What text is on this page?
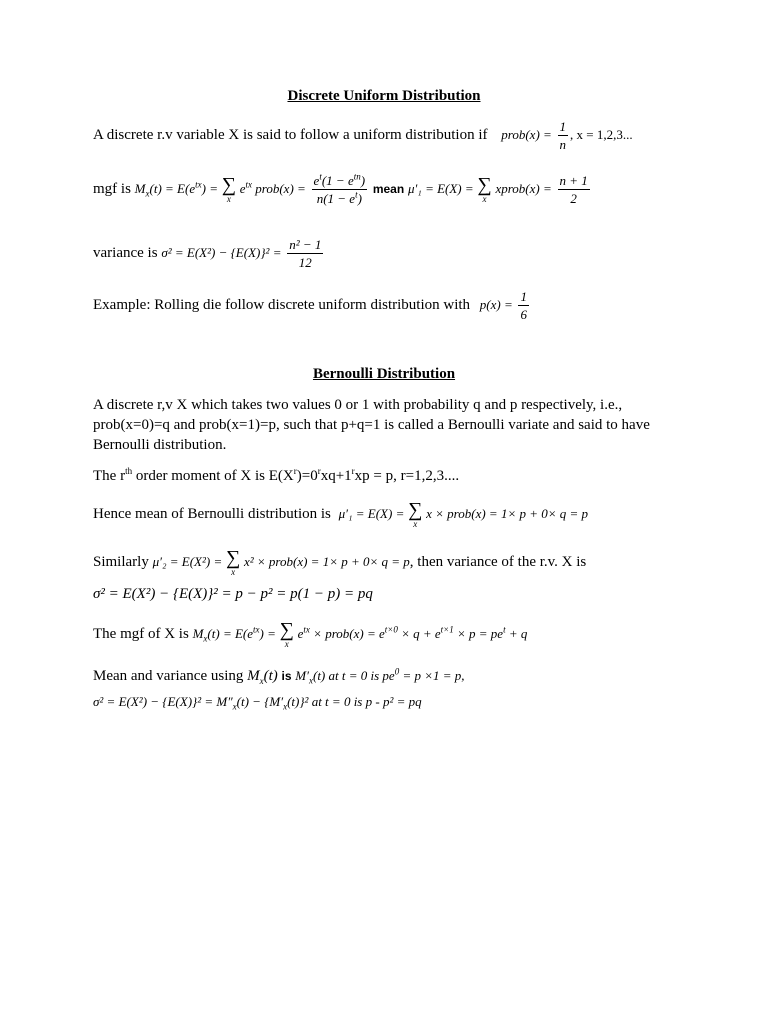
Discrete Uniform Distribution
A discrete r.v variable X is said to follow a uniform distribution if prob(x) = $\frac{1}{n}$ , x = 1,2,3...
mgf is $M_x(t) = E(e^{tx})$ = ∑
x
$e^{tx}$ prob(x) = $\frac{e^t(1 - e^{tn})}{n(1 - e^t)}$ mean μ′₁ = E(X) = ∑
x
xprob(x) = $\frac{n + 1}{2}$
variance is $\sigma^2 = E(X^2) - \{E(X)\}^2 = \frac{\text{n² − 1}}{12}$
Example: Rolling die follow discrete uniform distribution with $p(x) = \frac{1}{6}$
Bernoulli Distribution
A discrete r,v X which takes two values 0 or 1 with probability q and p respectively, i.e., prob(x=0)=q and prob(x=1)=p, such that p+q=1 is called a Bernoulli variate and said to have Bernoulli distribution.
The $r^{th}$ order moment of X is $E(X^r)=0^rxq+1^rxp = p$, r=1,2,3....
Hence mean of Bernoulli distribution is μ′₁ = E(X) = ∑
x
x × prob(x) = 1× p + 0× q = p
Similarly μ′₂ = E(X²) = ∑
x
x² × prob(x) = 1× p + 0× q = p, then variance of the r.v. X is
σ² = E(X²) − {E(X)}² = p − p² = p(1 − p) = pq
The mgf of X is $M_x(t) = E(e^{tx})$ = ∑
x
$e^{tx}$ × prob(x) = $e^{t\times 0} \times q + e^{t\times 1} \times p = pe^t + q$
Mean and variance using $M_x(t)$ is $M'_x(t)$ at t = 0 is $pe^0 = p \times 1 = p$,
$\sigma^2 = E(X^2) - \{E(X)\}^2 = M''_x(t) - \{M'_x(t)\}^2$ at t = 0 is p - p² = pq
